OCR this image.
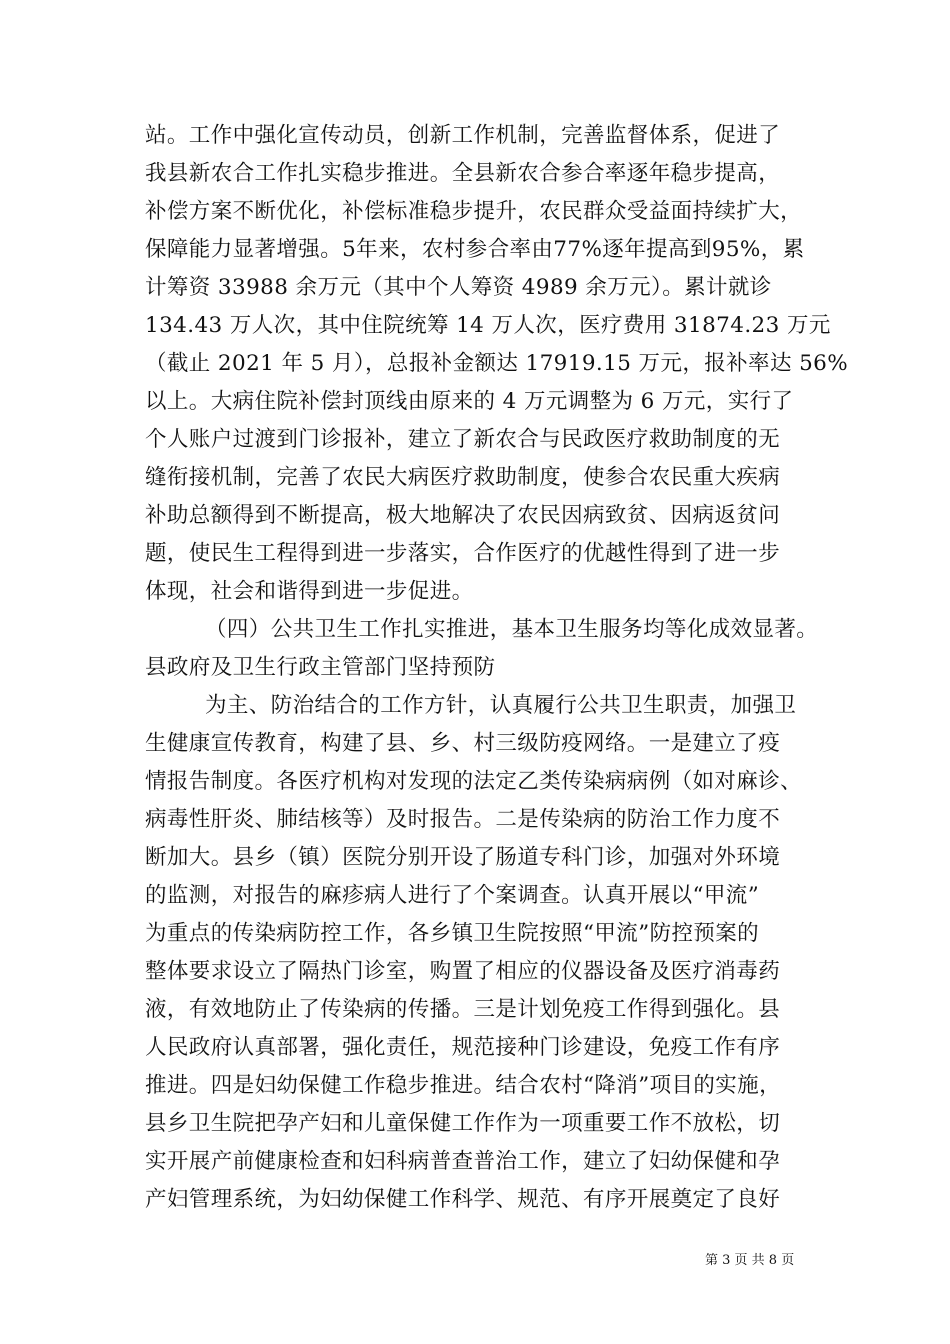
站。工作中强化宣传动员，创新工作机制，完善监督体系，促进了
我县新农合工作扎实稳步推进。全县新农合参合率逐年稳步提高，
补偿方案不断优化，补偿标准稳步提升，农民群众受益面持续扩大，
保障能力显著增强。5年来，农村参合率由77%逐年提高到95%，累
计筹资 33988 余万元（其中个人筹资 4989 余万元）。累计就诊
134.43 万人次，其中住院统筹 14 万人次，医疗费用 31874.23 万元
（截止 2021 年 5 月），总报补金额达 17919.15 万元，报补率达 56%
以上。大病住院补偿封顶线由原来的 4 万元调整为 6 万元，实行了
个人账户过渡到门诊报补，建立了新农合与民政医疗救助制度的无
缝衔接机制，完善了农民大病医疗救助制度，使参合农民重大疾病
补助总额得到不断提高，极大地解决了农民因病致贫、因病返贫问
题，使民生工程得到进一步落实，合作医疗的优越性得到了进一步
体现，社会和谐得到进一步促进。
（四）公共卫生工作扎实推进，基本卫生服务均等化成效显著。
县政府及卫生行政主管部门坚持预防
为主、防治结合的工作方针，认真履行公共卫生职责，加强卫
生健康宣传教育，构建了县、乡、村三级防疫网络。一是建立了疫
情报告制度。各医疗机构对发现的法定乙类传染病病例（如对麻诊、
病毒性肝炎、肺结核等）及时报告。二是传染病的防治工作力度不
断加大。县乡（镇）医院分别开设了肠道专科门诊，加强对外环境
的监测，对报告的麻疹病人进行了个案调查。认真开展以“甲流”
为重点的传染病防控工作，各乡镇卫生院按照“甲流”防控预案的
整体要求设立了隔热门诊室，购置了相应的仪器设备及医疗消毒药
液，有效地防止了传染病的传播。三是计划免疫工作得到强化。县
人民政府认真部署，强化责任，规范接种门诊建设，免疫工作有序
推进。四是妇幼保健工作稳步推进。结合农村“降消”项目的实施，
县乡卫生院把孕产妇和儿童保健工作作为一项重要工作不放松，切
实开展产前健康检查和妇科病普查普治工作，建立了妇幼保健和孕
产妇管理系统，为妇幼保健工作科学、规范、有序开展奠定了良好
第 3 页 共 8 页
